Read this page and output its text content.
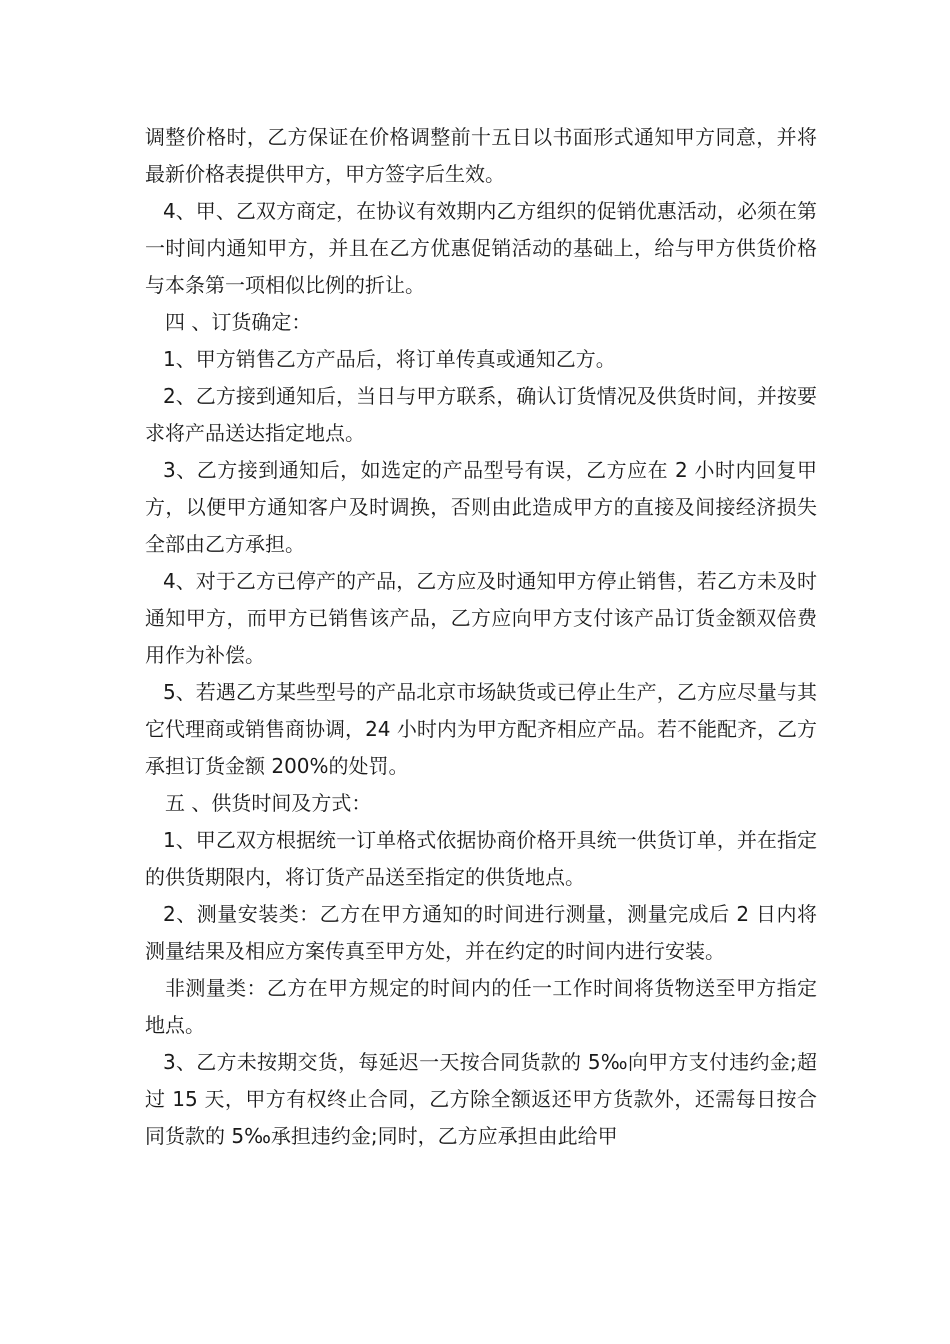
调整价格时，乙方保证在价格调整前十五日以书面形式通知甲方同意，并将最新价格表提供甲方，甲方签字后生效。

4、甲、乙双方商定，在协议有效期内乙方组织的促销优惠活动，必须在第一时间内通知甲方，并且在乙方优惠促销活动的基础上，给与甲方供货价格与本条第一项相似比例的折让。

四 、订货确定：

1、甲方销售乙方产品后，将订单传真或通知乙方。

2、乙方接到通知后，当日与甲方联系，确认订货情况及供货时间，并按要求将产品送达指定地点。

3、乙方接到通知后，如选定的产品型号有误，乙方应在 2 小时内回复甲方，以便甲方通知客户及时调换，否则由此造成甲方的直接及间接经济损失全部由乙方承担。

4、对于乙方已停产的产品，乙方应及时通知甲方停止销售，若乙方未及时通知甲方，而甲方已销售该产品，乙方应向甲方支付该产品订货金额双倍费用作为补偿。

5、若遇乙方某些型号的产品北京市场缺货或已停止生产，乙方应尽量与其它代理商或销售商协调，24 小时内为甲方配齐相应产品。若不能配齐，乙方承担订货金额 200%的处罚。

五 、供货时间及方式：

1、甲乙双方根据统一订单格式依据协商价格开具统一供货订单，并在指定的供货期限内，将订货产品送至指定的供货地点。

2、测量安装类：乙方在甲方通知的时间进行测量，测量完成后 2 日内将测量结果及相应方案传真至甲方处，并在约定的时间内进行安装。

非测量类：乙方在甲方规定的时间内的任一工作时间将货物送至甲方指定地点。

3、乙方未按期交货，每延迟一天按合同货款的 5‰向甲方支付违约金;超过 15 天，甲方有权终止合同，乙方除全额返还甲方货款外，还需每日按合同货款的 5‰承担违约金;同时，乙方应承担由此给甲
